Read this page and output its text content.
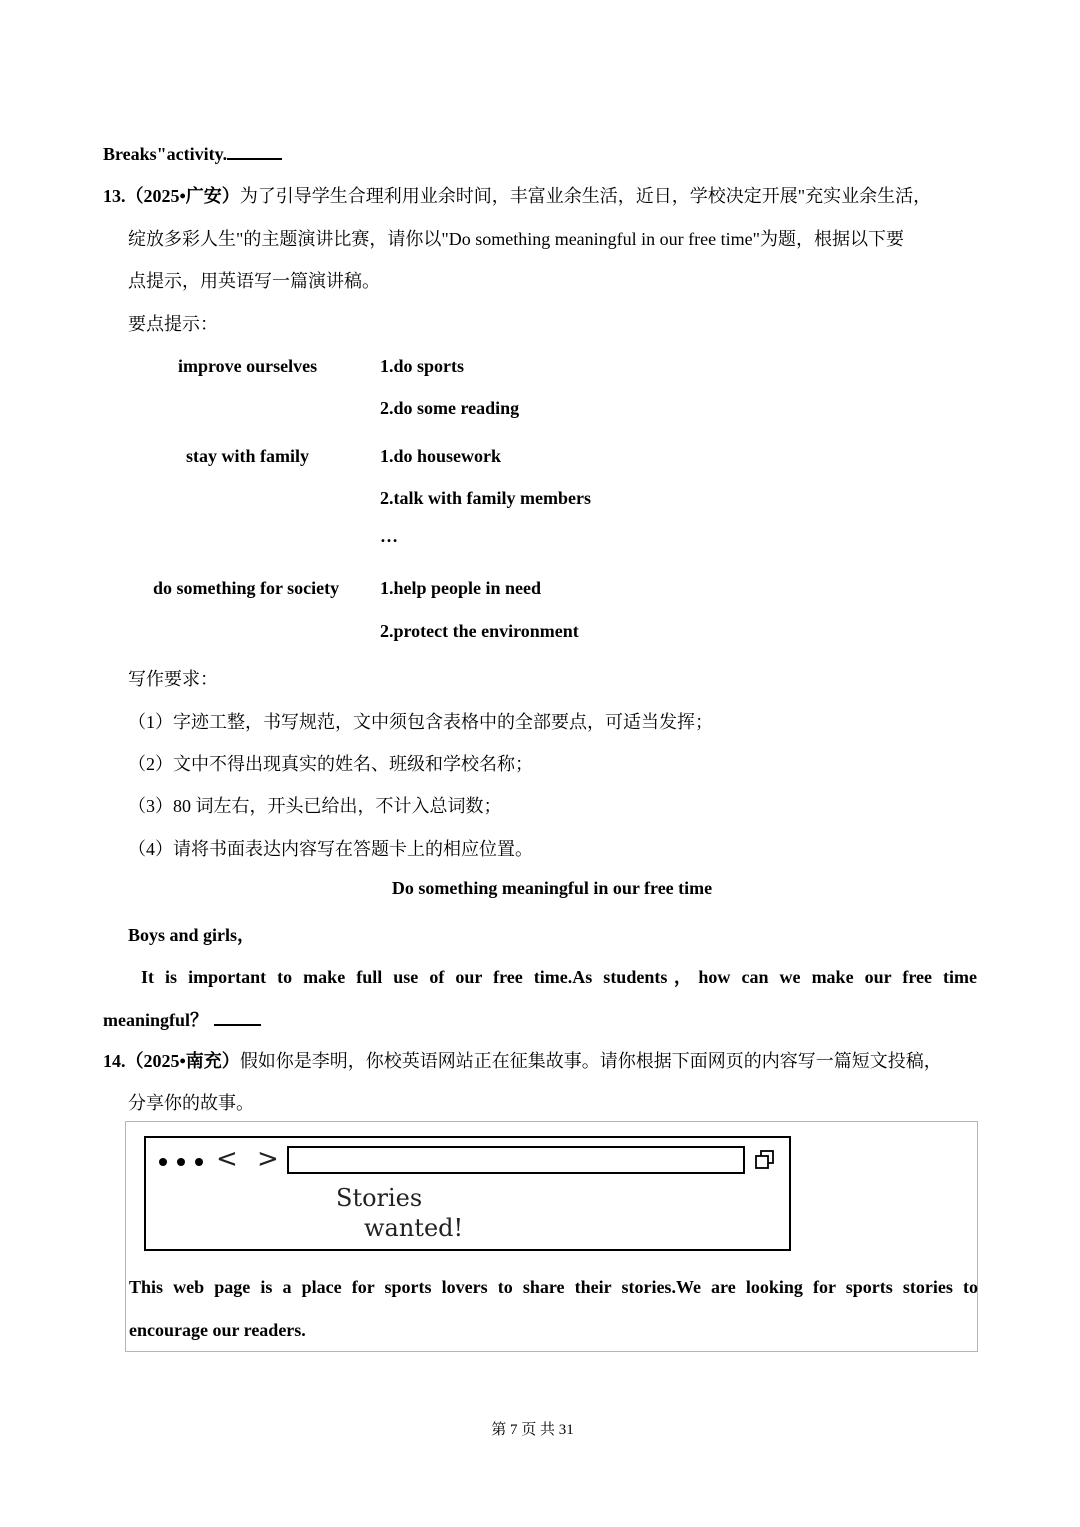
Breaks"activity.
13.（2025•广安）为了引导学生合理利用业余时间，丰富业余生活，近日，学校决定开展"充实业余生活，
绽放多彩人生"的主题演讲比赛，请你以"Do something meaningful in our free time"为题，根据以下要
点提示，用英语写一篇演讲稿。
要点提示：
improve ourselves	1.do sports
2.do some reading
stay with family	1.do housework
2.talk with family members
…
do something for society 1.help people in need
2.protect the environment
写作要求：
（1）字迹工整，书写规范，文中须包含表格中的全部要点，可适当发挥；
（2）文中不得出现真实的姓名、班级和学校名称；
（3）80 词左右，开头已给出，不计入总词数；
（4）请将书面表达内容写在答题卡上的相应位置。
Do something meaningful in our free time
Boys and girls，
It is important to make full use of our free time.As students，how can we make our free time
meaningful？
14.（2025•南充）假如你是李明，你校英语网站正在征集故事。请你根据下面网页的内容写一篇短文投稿，
分享你的故事。
< >
Stories
wanted!
This web page is a place for sports lovers to share their stories.We are looking for sports stories to
encourage our readers.
第 7 页 共 31
